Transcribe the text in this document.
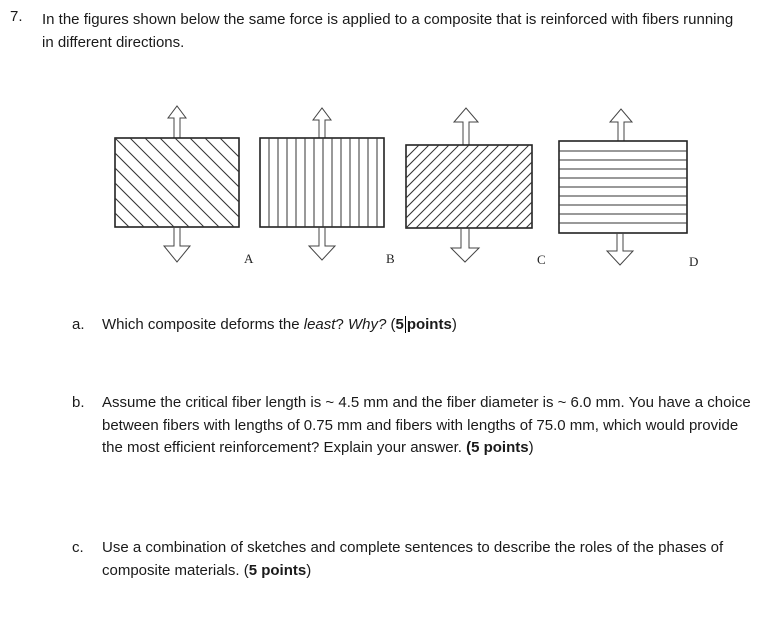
7. In the figures shown below the same force is applied to a composite that is reinforced with fibers running in different directions.
A	B	C	D
a. Which composite deforms the least? Why? (5 points)
b. Assume the critical fiber length is ~ 4.5 mm and the fiber diameter is ~ 6.0 mm. You have a choice between fibers with lengths of 0.75 mm and fibers with lengths of 75.0 mm, which would provide the most efficient reinforcement? Explain your answer. (5 points)
c. Use a combination of sketches and complete sentences to describe the roles of the phases of composite materials. (5 points)
